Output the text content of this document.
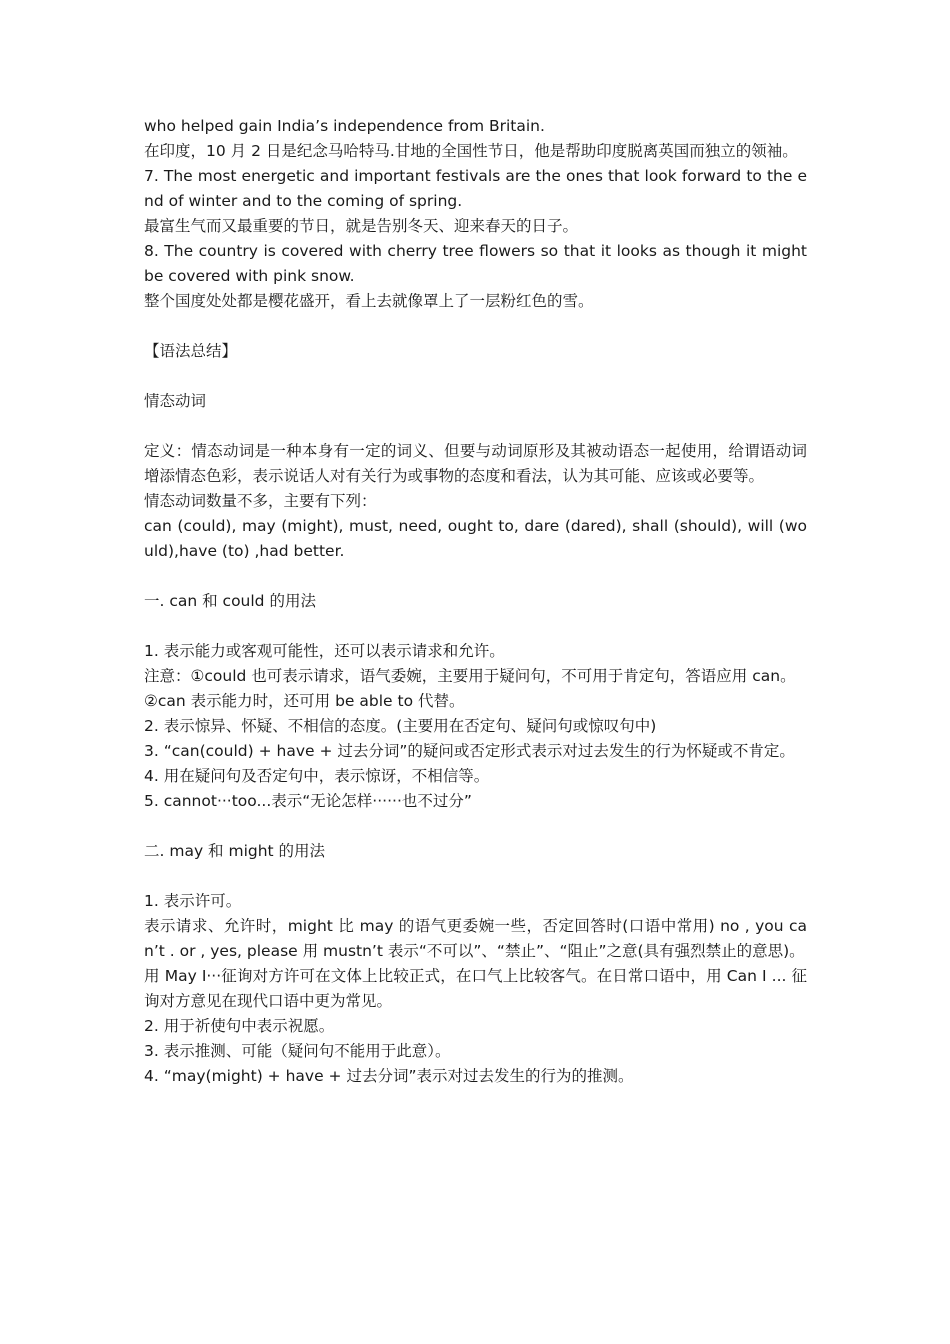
who helped gain India’s independence from Britain.
在印度，10 月 2 日是纪念马哈特马.甘地的全国性节日，他是帮助印度脱离英国而独立的领袖。
7. The most energetic and important festivals are the ones that look forward to the end of winter and to the coming of spring.
最富生气而又最重要的节日，就是告别冬天、迎来春天的日子。
8. The country is covered with cherry tree flowers so that it looks as though it might be covered with pink snow.
整个国度处处都是樱花盛开，看上去就像罩上了一层粉红色的雪。
【语法总结】
情态动词
定义：情态动词是一种本身有一定的词义、但要与动词原形及其被动语态一起使用，给谓语动词增添情态色彩，表示说话人对有关行为或事物的态度和看法，认为其可能、应该或必要等。
情态动词数量不多，主要有下列：
can (could), may (might), must, need, ought to, dare (dared), shall (should), will (would),have (to) ,had better.
一. can 和 could 的用法
1. 表示能力或客观可能性，还可以表示请求和允许。
注意：①could 也可表示请求，语气委婉，主要用于疑问句，不可用于肯定句，答语应用 can。
②can 表示能力时，还可用 be able to 代替。
2. 表示惊异、怀疑、不相信的态度。(主要用在否定句、疑问句或惊叹句中)
3. “can(could) + have + 过去分词”的疑问或否定形式表示对过去发生的行为怀疑或不肯定。
4. 用在疑问句及否定句中，表示惊讶，不相信等。
5. cannot···too...表示“无论怎样······也不过分”
二. may 和 might 的用法
1. 表示许可。
表示请求、允许时，might 比 may 的语气更委婉一些，否定回答时(口语中常用) no , you can’t . or , yes, please 用 mustn’t 表示“不可以”、“禁止”、“阻止”之意(具有强烈禁止的意思)。
用 May I···征询对方许可在文体上比较正式，在口气上比较客气。在日常口语中，用 Can I ... 征询对方意见在现代口语中更为常见。
2. 用于祈使句中表示祝愿。
3. 表示推测、可能（疑问句不能用于此意）。
4. “may(might) + have + 过去分词”表示对过去发生的行为的推测。
